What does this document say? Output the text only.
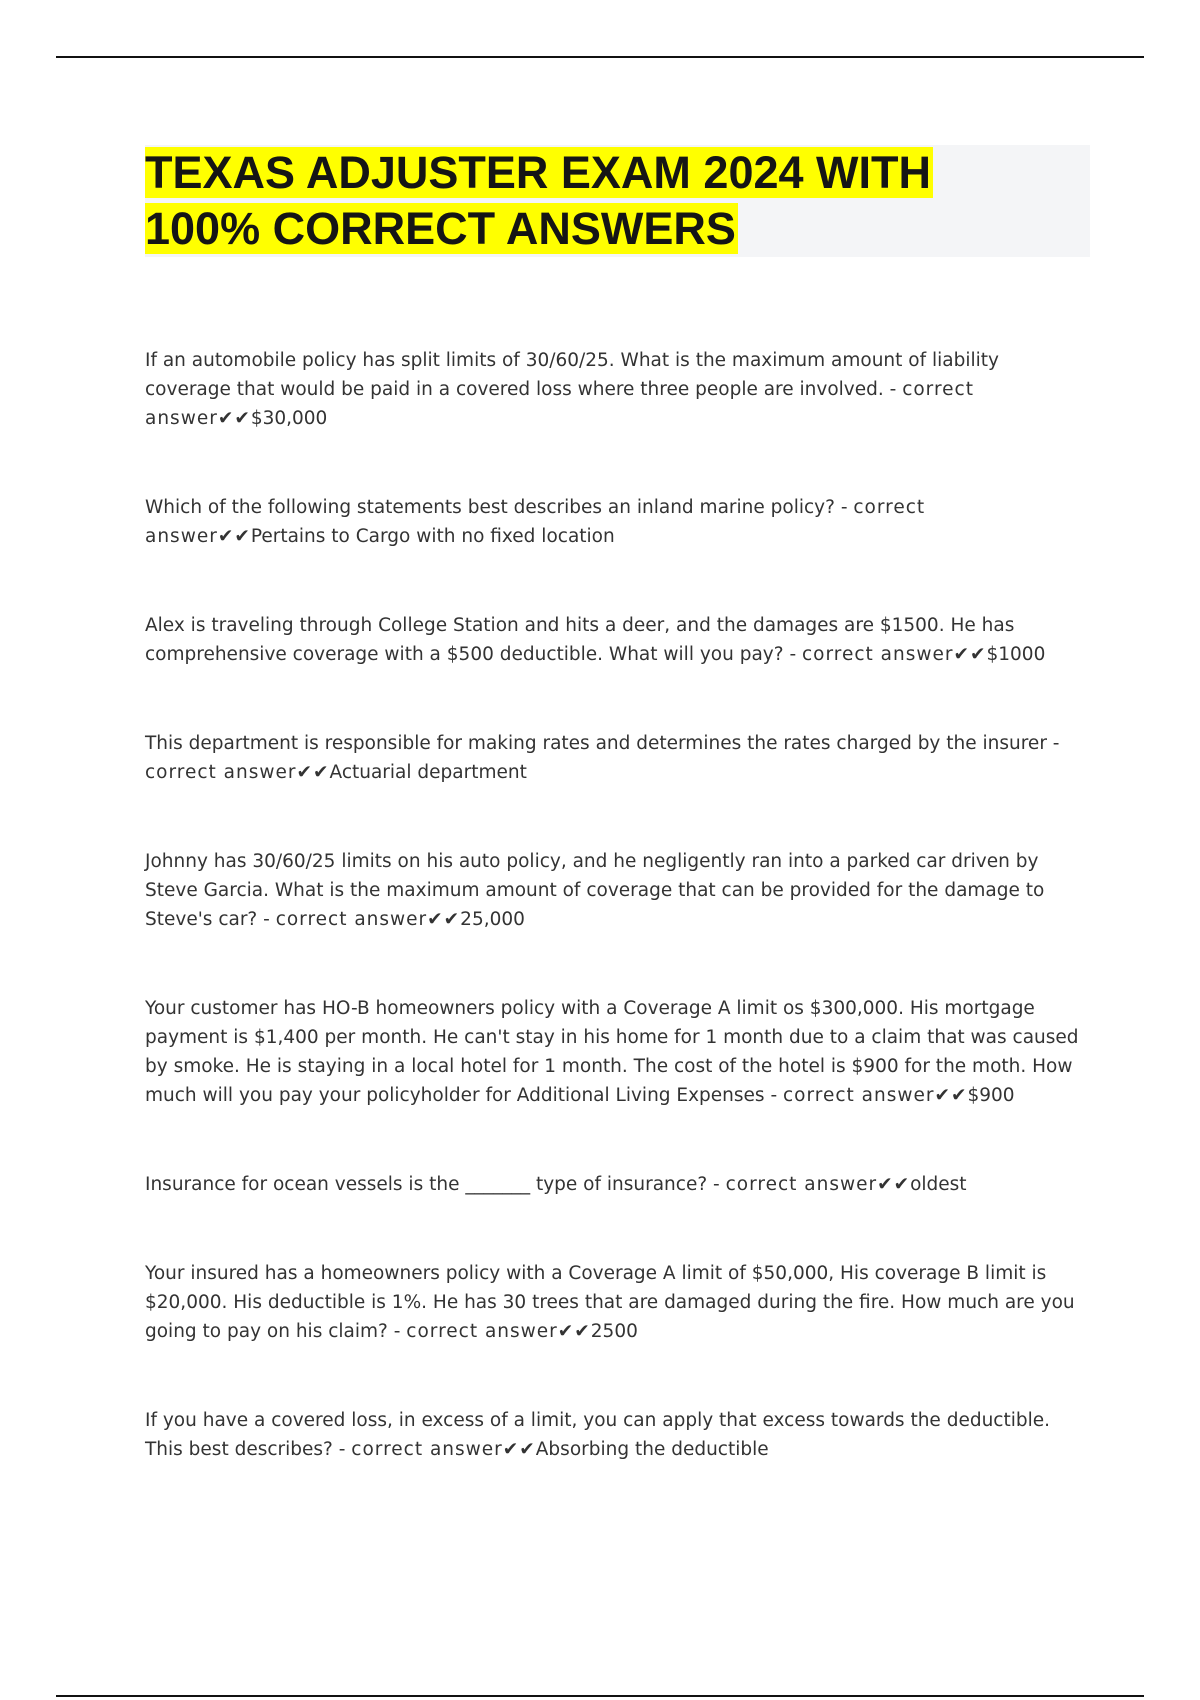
TEXAS ADJUSTER EXAM 2024 WITH
100% CORRECT ANSWERS
If an automobile policy has split limits of 30/60/25. What is the maximum amount of liability coverage that would be paid in a covered loss where three people are involved. - correct answer✔✔$30,000
Which of the following statements best describes an inland marine policy? - correct answer✔✔Pertains to Cargo with no fixed location
Alex is traveling through College Station and hits a deer, and the damages are $1500. He has comprehensive coverage with a $500 deductible. What will you pay? - correct answer✔✔$1000
This department is responsible for making rates and determines the rates charged by the insurer - correct answer✔✔Actuarial department
Johnny has 30/60/25 limits on his auto policy, and he negligently ran into a parked car driven by Steve Garcia. What is the maximum amount of coverage that can be provided for the damage to Steve's car? - correct answer✔✔25,000
Your customer has HO-B homeowners policy with a Coverage A limit os $300,000. His mortgage payment is $1,400 per month. He can't stay in his home for 1 month due to a claim that was caused by smoke. He is staying in a local hotel for 1 month. The cost of the hotel is $900 for the moth. How much will you pay your policyholder for Additional Living Expenses - correct answer✔✔$900
Insurance for ocean vessels is the _______ type of insurance? - correct answer✔✔oldest
Your insured has a homeowners policy with a Coverage A limit of $50,000, His coverage B limit is $20,000. His deductible is 1%. He has 30 trees that are damaged during the fire. How much are you going to pay on his claim? - correct answer✔✔2500
If you have a covered loss, in excess of a limit, you can apply that excess towards the deductible. This best describes? - correct answer✔✔Absorbing the deductible
